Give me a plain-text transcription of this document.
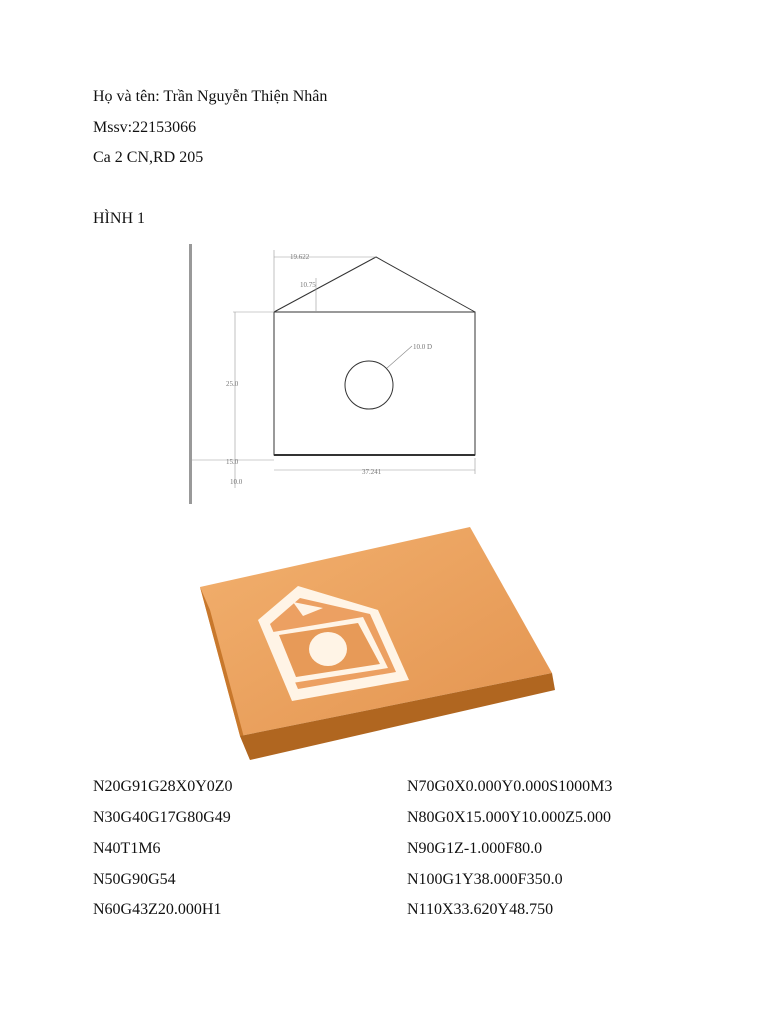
Họ và tên: Trần Nguyễn Thiện Nhân
Mssv:22153066
Ca 2 CN,RD 205
HÌNH 1
19.622
10.75
10.0 D
25.0
15.0
10.0
37.241
N20G91G28X0Y0Z0
N30G40G17G80G49
N40T1M6
N50G90G54
N60G43Z20.000H1
N70G0X0.000Y0.000S1000M3
N80G0X15.000Y10.000Z5.000
N90G1Z-1.000F80.0
N100G1Y38.000F350.0
N110X33.620Y48.750
